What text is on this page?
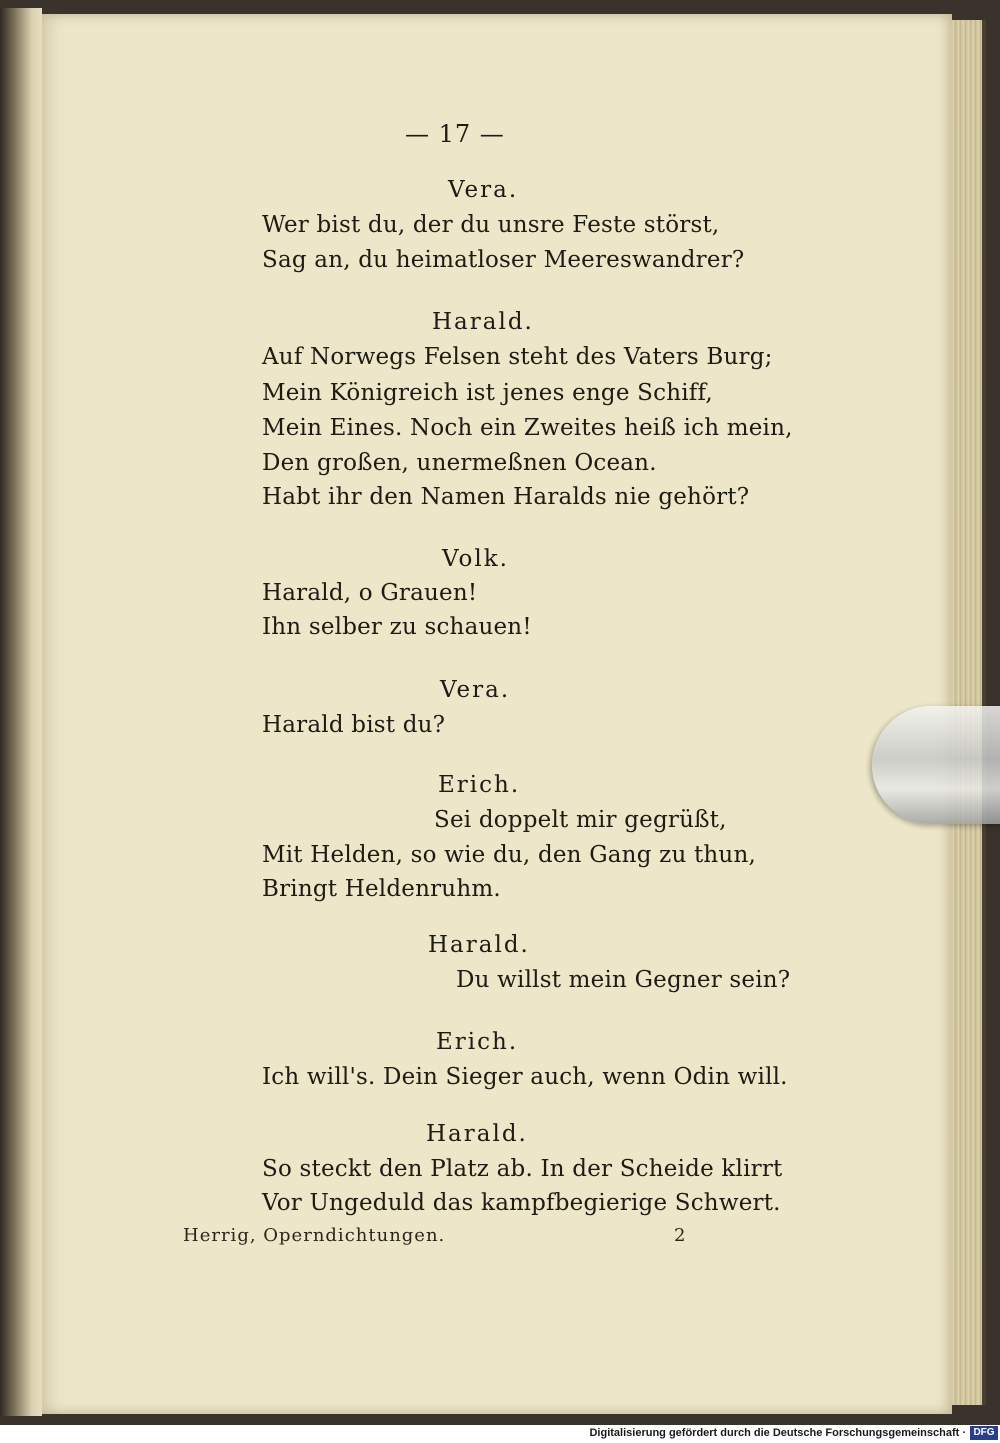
— 17 —
Vera.
Wer bist du, der du unsre Feste störst,
Sag an, du heimatloser Meereswandrer?
Harald.
Auf Norwegs Felsen steht des Vaters Burg;
Mein Königreich ist jenes enge Schiff,
Mein Eines. Noch ein Zweites heiß ich mein,
Den großen, unermeßnen Ocean.
Habt ihr den Namen Haralds nie gehört?
Volk.
Harald, o Grauen!
Ihn selber zu schauen!
Vera.
Harald bist du?
Erich.
Sei doppelt mir gegrüßt,
Mit Helden, so wie du, den Gang zu thun,
Bringt Heldenruhm.
Harald.
Du willst mein Gegner sein?
Erich.
Ich will's. Dein Sieger auch, wenn Odin will.
Harald.
So steckt den Platz ab. In der Scheide klirrt
Vor Ungeduld das kampfbegierige Schwert.
Herrig, Operndichtungen.	2
Digitalisierung gefördert durch die Deutsche Forschungsgemeinschaft · DFG
